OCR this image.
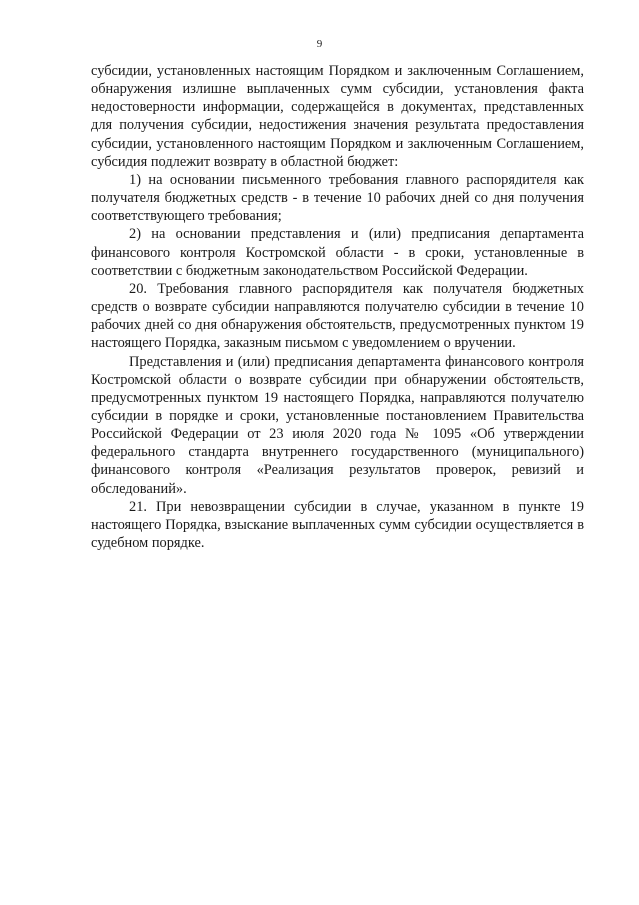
9

субсидии, установленных настоящим Порядком и заключенным Соглашением, обнаружения излишне выплаченных сумм субсидии, установления факта недостоверности информации, содержащейся в документах, представленных для получения субсидии, недостижения значения результата предоставления субсидии, установленного настоящим Порядком и заключенным Соглашением, субсидия подлежит возврату в областной бюджет:

1) на основании письменного требования главного распорядителя как получателя бюджетных средств - в течение 10 рабочих дней со дня получения соответствующего требования;

2) на основании представления и (или) предписания департамента финансового контроля Костромской области - в сроки, установленные в соответствии с бюджетным законодательством Российской Федерации.

20. Требования главного распорядителя как получателя бюджетных средств о возврате субсидии направляются получателю субсидии в течение 10 рабочих дней со дня обнаружения обстоятельств, предусмотренных пунктом 19 настоящего Порядка, заказным письмом с уведомлением о вручении.

Представления и (или) предписания департамента финансового контроля Костромской области о возврате субсидии при обнаружении обстоятельств, предусмотренных пунктом 19 настоящего Порядка, направляются получателю субсидии в порядке и сроки, установленные постановлением Правительства Российской Федерации от 23 июля 2020 года № 1095 «Об утверждении федерального стандарта внутреннего государственного (муниципального) финансового контроля «Реализация результатов проверок, ревизий и обследований».

21. При невозвращении субсидии в случае, указанном в пункте 19 настоящего Порядка, взыскание выплаченных сумм субсидии осуществляется в судебном порядке.
